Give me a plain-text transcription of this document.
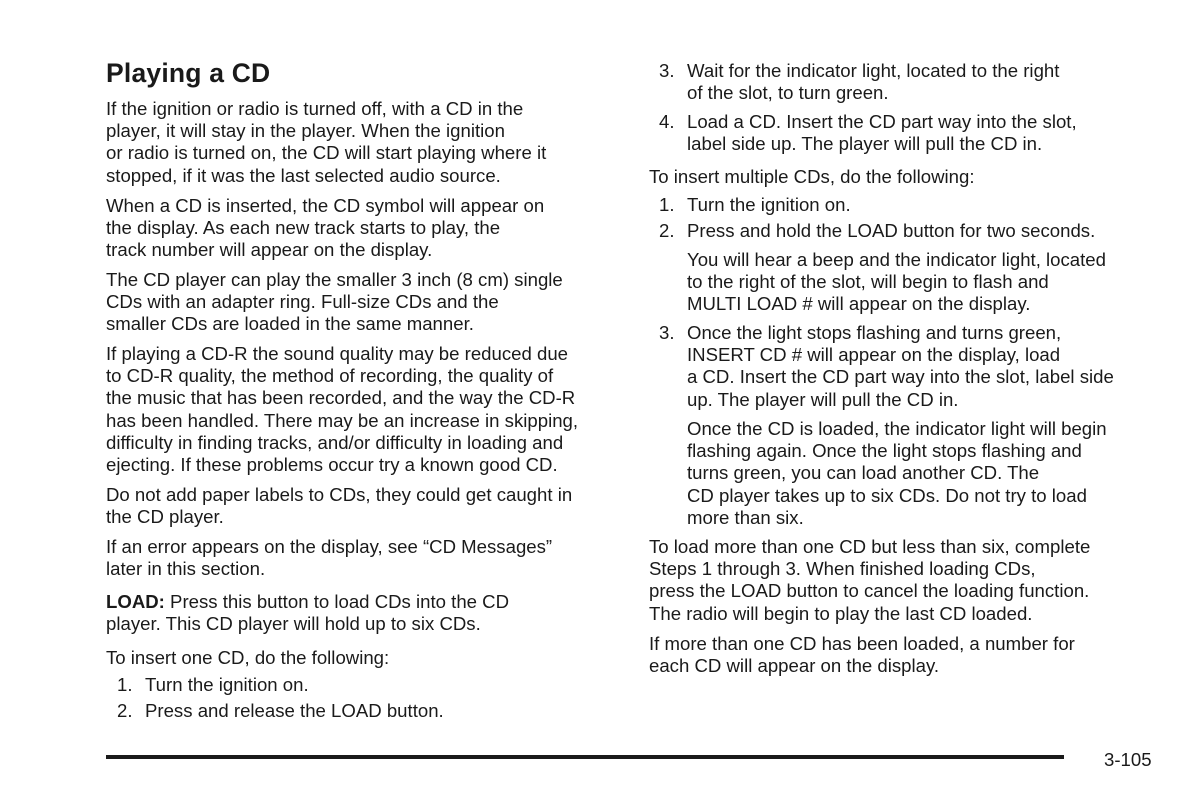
Playing a CD

If the ignition or radio is turned off, with a CD in the
player, it will stay in the player. When the ignition
or radio is turned on, the CD will start playing where it
stopped, if it was the last selected audio source.

When a CD is inserted, the CD symbol will appear on
the display. As each new track starts to play, the
track number will appear on the display.

The CD player can play the smaller 3 inch (8 cm) single
CDs with an adapter ring. Full-size CDs and the
smaller CDs are loaded in the same manner.

If playing a CD-R the sound quality may be reduced due
to CD-R quality, the method of recording, the quality of
the music that has been recorded, and the way the CD-R
has been handled. There may be an increase in skipping,
difficulty in finding tracks, and/or difficulty in loading and
ejecting. If these problems occur try a known good CD.

Do not add paper labels to CDs, they could get caught in
the CD player.

If an error appears on the display, see “CD Messages”
later in this section.

LOAD: Press this button to load CDs into the CD
player. This CD player will hold up to six CDs.

To insert one CD, do the following:

1. Turn the ignition on.
2. Press and release the LOAD button.
3. Wait for the indicator light, located to the right
of the slot, to turn green.

4. Load a CD. Insert the CD part way into the slot,
label side up. The player will pull the CD in.

To insert multiple CDs, do the following:

1. Turn the ignition on.
2. Press and hold the LOAD button for two seconds.

You will hear a beep and the indicator light, located
to the right of the slot, will begin to flash and
MULTI LOAD # will appear on the display.

3. Once the light stops flashing and turns green,
INSERT CD # will appear on the display, load
a CD. Insert the CD part way into the slot, label side
up. The player will pull the CD in.

Once the CD is loaded, the indicator light will begin
flashing again. Once the light stops flashing and
turns green, you can load another CD. The
CD player takes up to six CDs. Do not try to load
more than six.

To load more than one CD but less than six, complete
Steps 1 through 3. When finished loading CDs,
press the LOAD button to cancel the loading function.
The radio will begin to play the last CD loaded.

If more than one CD has been loaded, a number for
each CD will appear on the display.

3-105
